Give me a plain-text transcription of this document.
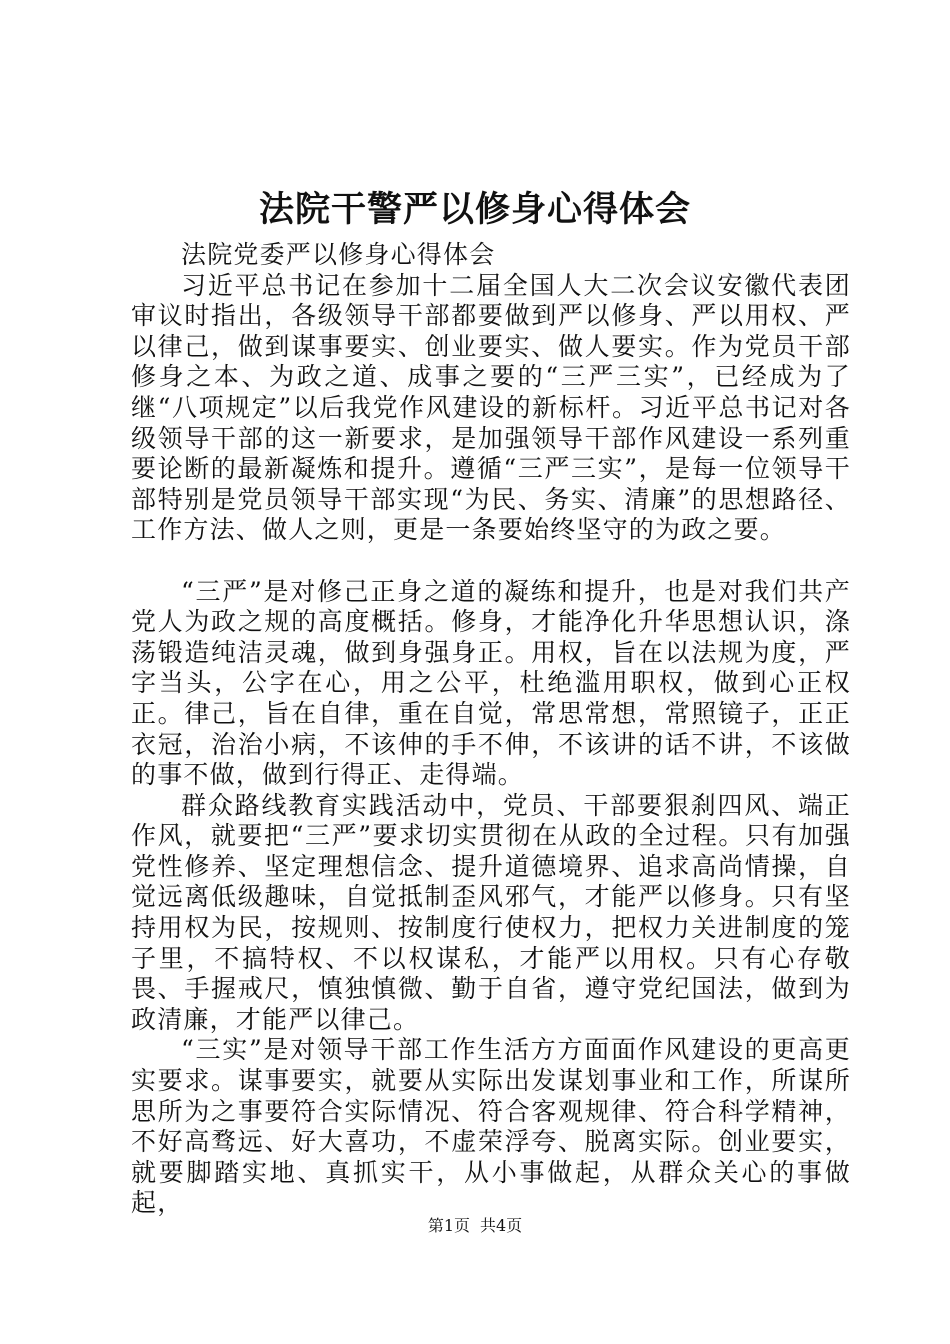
法院干警严以修身心得体会

法院党委严以修身心得体会

习近平总书记在参加十二届全国人大二次会议安徽代表团审议时指出，各级领导干部都要做到严以修身、严以用权、严以律己，做到谋事要实、创业要实、做人要实。作为党员干部修身之本、为政之道、成事之要的“三严三实”，已经成为了继“八项规定”以后我党作风建设的新标杆。习近平总书记对各级领导干部的这一新要求，是加强领导干部作风建设一系列重要论断的最新凝炼和提升。遵循“三严三实”，是每一位领导干部特别是党员领导干部实现“为民、务实、清廉”的思想路径、工作方法、做人之则，更是一条要始终坚守的为政之要。

“三严”是对修己正身之道的凝练和提升，也是对我们共产党人为政之规的高度概括。修身，才能净化升华思想认识，涤荡锻造纯洁灵魂，做到身强身正。用权，旨在以法规为度，严字当头，公字在心，用之公平，杜绝滥用职权，做到心正权正。律己，旨在自律，重在自觉，常思常想，常照镜子，正正衣冠，治治小病，不该伸的手不伸，不该讲的话不讲，不该做的事不做，做到行得正、走得端。

群众路线教育实践活动中，党员、干部要狠刹四风、端正作风，就要把“三严”要求切实贯彻在从政的全过程。只有加强党性修养、坚定理想信念、提升道德境界、追求高尚情操，自觉远离低级趣味，自觉抵制歪风邪气，才能严以修身。只有坚持用权为民，按规则、按制度行使权力，把权力关进制度的笼子里，不搞特权、不以权谋私，才能严以用权。只有心存敬畏、手握戒尺，慎独慎微、勤于自省，遵守党纪国法，做到为政清廉，才能严以律己。

“三实”是对领导干部工作生活方方面面作风建设的更高更实要求。谋事要实，就要从实际出发谋划事业和工作，所谋所思所为之事要符合实际情况、符合客观规律、符合科学精神，不好高骛远、好大喜功，不虚荣浮夸、脱离实际。创业要实，就要脚踏实地、真抓实干，从小事做起，从群众关心的事做起，

第1页 共4页
